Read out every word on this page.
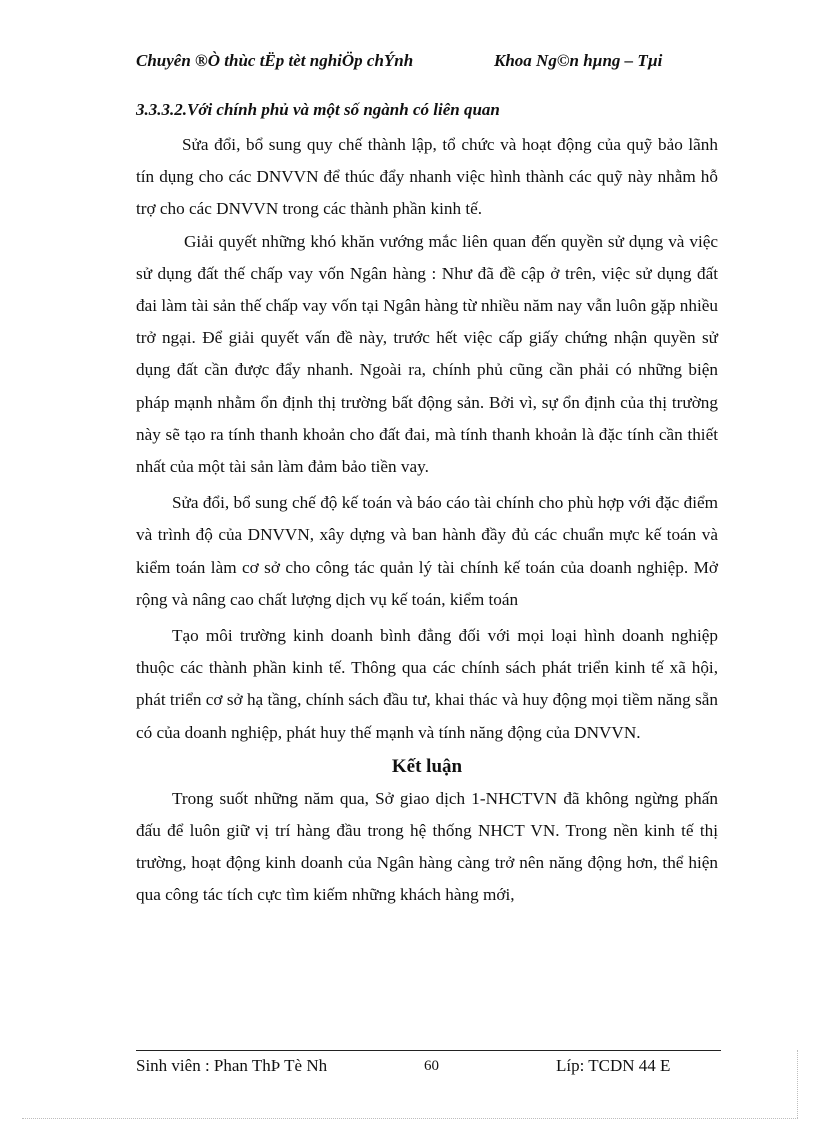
Chuyên ®Ò thùc tËp tèt nghiÖp chÝnh	Khoa Ng©n hµng – Tµi
3.3.3.2.Với chính phủ và một số ngành có liên quan

Sửa đổi, bổ sung quy chế thành lập, tổ chức và hoạt động của quỹ bảo lãnh tín dụng cho các DNVVN để thúc đẩy nhanh việc hình thành các quỹ này nhằm hỗ trợ cho các DNVVN trong các thành phần kinh tế.

Giải quyết những khó khăn vướng mắc liên quan đến quyền sử dụng và việc sử dụng đất thế chấp vay vốn Ngân hàng : Như đã đề cập ở trên, việc sử dụng đất đai làm tài sản thế chấp vay vốn tại Ngân hàng từ nhiều năm nay vẫn luôn gặp nhiều trở ngại. Để giải quyết vấn đề này, trước hết việc cấp giấy chứng nhận quyền sử dụng đất cần được đẩy nhanh. Ngoài ra, chính phủ cũng cần phải có những biện pháp mạnh nhằm ổn định thị trường bất động sản. Bởi vì, sự ổn định của thị trường này sẽ tạo ra tính thanh khoản cho đất đai, mà tính thanh khoản là đặc tính cần thiết nhất của một tài sản làm đảm bảo tiền vay.

Sửa đổi, bổ sung chế độ kế toán và báo cáo tài chính cho phù hợp với đặc điểm và trình độ của DNVVN, xây dựng và ban hành đầy đủ các chuẩn mực kế toán và kiểm toán làm cơ sở cho công tác quản lý tài chính kế toán của doanh nghiệp. Mở rộng và nâng cao chất lượng dịch vụ kế toán, kiểm toán

Tạo môi trường kinh doanh bình đẳng đối với mọi loại hình doanh nghiệp thuộc các thành phần kinh tế. Thông qua các chính sách phát triển kinh tế xã hội, phát triển cơ sở hạ tầng, chính sách đầu tư, khai thác và huy động mọi tiềm năng sẵn có của doanh nghiệp, phát huy thế mạnh và tính năng động của DNVVN.

Kết luận

Trong suốt những năm qua, Sở giao dịch 1-NHCTVN đã không ngừng phấn đấu để luôn giữ vị trí hàng đầu trong hệ thống NHCT VN. Trong nền kinh tế thị trường, hoạt động kinh doanh của Ngân hàng càng trở nên năng động hơn, thể hiện qua công tác tích cực tìm kiếm những khách hàng mới,

Sinh viên : Phan ThÞ Tè Nh	60	Líp: TCDN 44 E
